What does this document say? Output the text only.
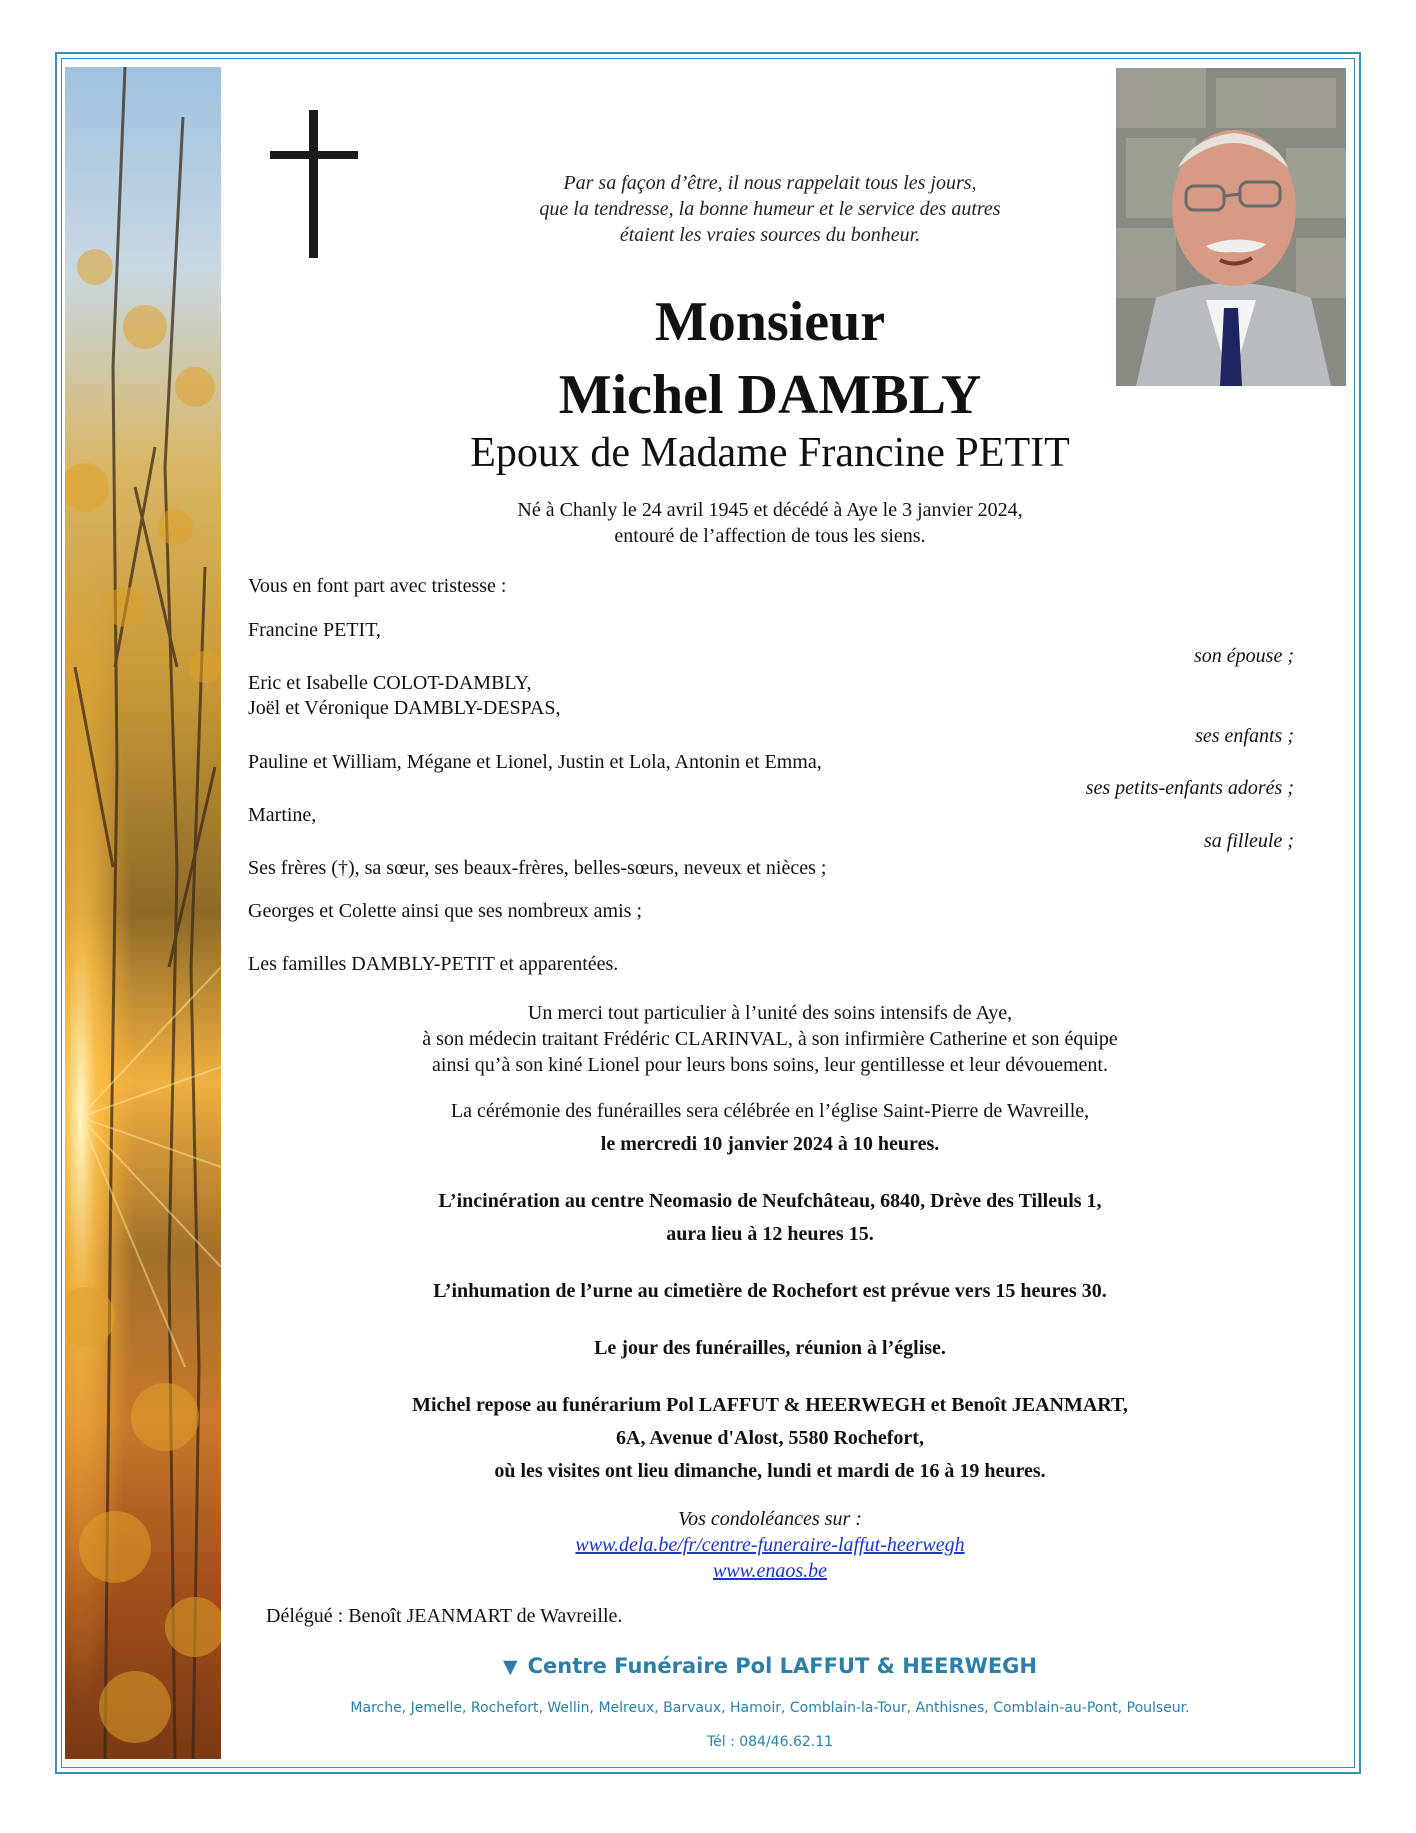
Par sa façon d’être, il nous rappelait tous les jours,
que la tendresse, la bonne humeur et le service des autres
étaient les vraies sources du bonheur.
Monsieur
Michel DAMBLY
Epoux de Madame Francine PETIT
Né à Chanly le 24 avril 1945 et décédé à Aye le 3 janvier 2024,
entouré de l’affection de tous les siens.
Vous en font part avec tristesse :
Francine PETIT,
son épouse ;
Eric et Isabelle COLOT-DAMBLY,
Joël et Véronique DAMBLY-DESPAS,
ses enfants ;
Pauline et William, Mégane et Lionel, Justin et Lola, Antonin et Emma,
ses petits-enfants adorés ;
Martine,
sa filleule ;
Ses frères (†), sa sœur, ses beaux-frères, belles-sœurs, neveux et nièces ;
Georges et Colette ainsi que ses nombreux amis ;
Les familles DAMBLY-PETIT et apparentées.
Un merci tout particulier à l’unité des soins intensifs de Aye,
à son médecin traitant Frédéric CLARINVAL, à son infirmière Catherine et son équipe
ainsi qu’à son kiné Lionel pour leurs bons soins, leur gentillesse et leur dévouement.
La cérémonie des funérailles sera célébrée en l’église Saint-Pierre de Wavreille,
le mercredi 10 janvier 2024 à 10 heures.
L’incinération au centre Neomasio de Neufchâteau, 6840, Drève des Tilleuls 1,
aura lieu à 12 heures 15.
L’inhumation de l’urne au cimetière de Rochefort est prévue vers 15 heures 30.
Le jour des funérailles, réunion à l’église.
Michel repose au funérarium Pol LAFFUT & HEERWEGH et Benoît JEANMART,
6A, Avenue d'Alost, 5580 Rochefort,
où les visites ont lieu dimanche, lundi et mardi de 16 à 19 heures.
Vos condoléances sur :
www.dela.be/fr/centre-funeraire-laffut-heerwegh
www.enaos.be
Délégué : Benoît JEANMART de Wavreille.
▼ Centre Funéraire Pol LAFFUT & HEERWEGH
Marche, Jemelle, Rochefort, Wellin, Melreux, Barvaux, Hamoir, Comblain-la-Tour, Anthisnes, Comblain-au-Pont, Poulseur.
Tél : 084/46.62.11
